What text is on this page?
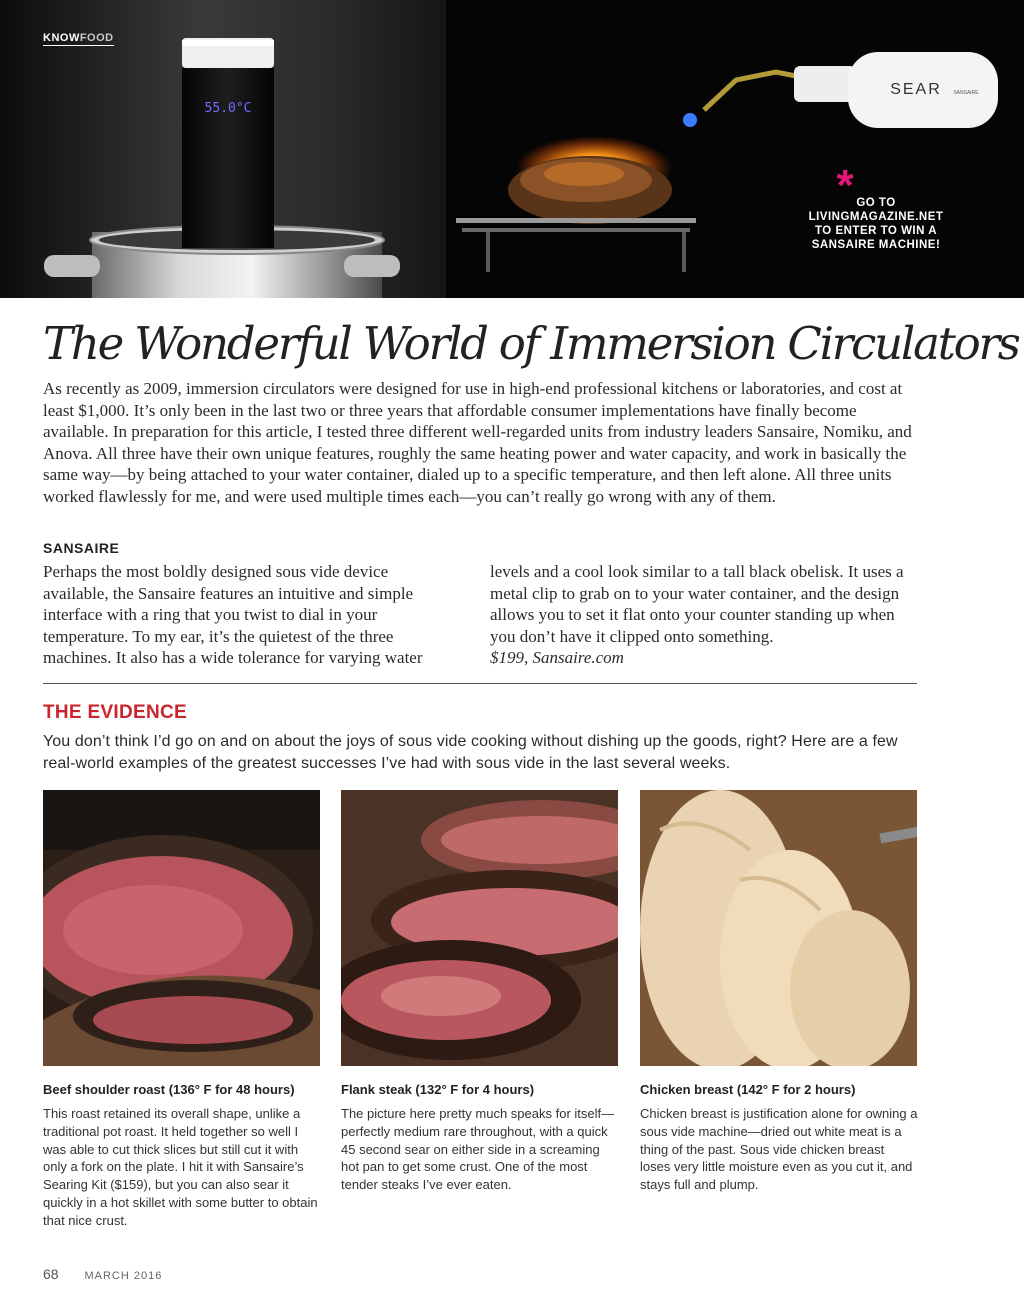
55.0°C
SEAR SANSAIRE
*
KNOWFOOD
GO TO
LIVINGMAGAZINE.NET
TO ENTER TO WIN A
SANSAIRE MACHINE!
The Wonderful World of Immersion Circulators
As recently as 2009, immersion circulators were designed for use in high-end professional kitchens or laboratories, and cost at least $1,000. It’s only been in the last two or three years that affordable consumer implementations have finally become available. In preparation for this article, I tested three different well-regarded units from industry leaders Sansaire, Nomiku, and Anova. All three have their own unique features, roughly the same heating power and water capacity, and work in basically the same way—by being attached to your water container, dialed up to a specific temperature, and then left alone. All three units worked flawlessly for me, and were used multiple times each—you can’t really go wrong with any of them.
SANSAIRE
Perhaps the most boldly designed sous vide device available, the Sansaire features an intuitive and simple interface with a ring that you twist to dial in your temperature. To my ear, it’s the quietest of the three machines. It also has a wide tolerance for varying water
levels and a cool look similar to a tall black obelisk. It uses a metal clip to grab on to your water container, and the design allows you to set it flat onto your counter standing up when you don’t have it clipped onto something.
$199, Sansaire.com
THE EVIDENCE
You don’t think I’d go on and on about the joys of sous vide cooking without dishing up the goods, right? Here are a few real-world examples of the greatest successes I’ve had with sous vide in the last several weeks.
Beef shoulder roast (136° F for 48 hours)
This roast retained its overall shape, unlike a traditional pot roast. It held together so well I was able to cut thick slices but still cut it with only a fork on the plate. I hit it with Sansaire’s Searing Kit ($159), but you can also sear it quickly in a hot skillet with some butter to obtain that nice crust.
Flank steak (132° F for 4 hours)
The picture here pretty much speaks for itself—perfectly medium rare throughout, with a quick 45 second sear on either side in a screaming hot pan to get some crust. One of the most tender steaks I’ve ever eaten.
Chicken breast (142° F for 2 hours)
Chicken breast is justification alone for owning a sous vide machine—dried out white meat is a thing of the past. Sous vide chicken breast loses very little moisture even as you cut it, and stays full and plump.
68 MARCH 2016
